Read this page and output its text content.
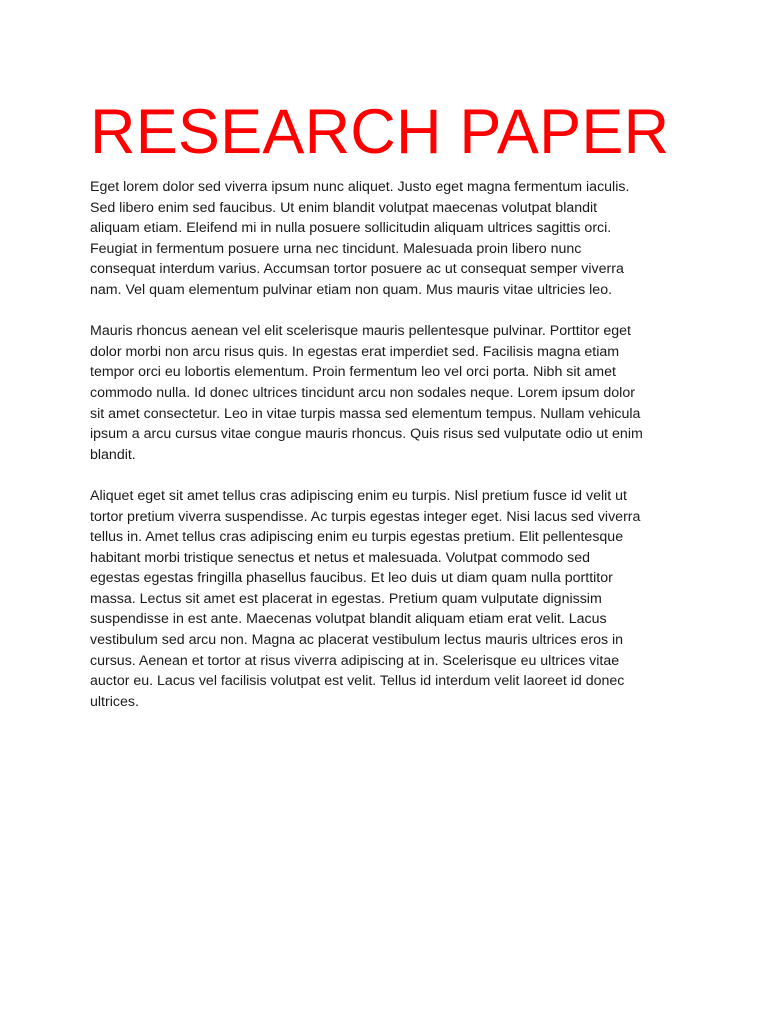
RESEARCH PAPER

Eget lorem dolor sed viverra ipsum nunc aliquet. Justo eget magna fermentum iaculis.
Sed libero enim sed faucibus. Ut enim blandit volutpat maecenas volutpat blandit
aliquam etiam. Eleifend mi in nulla posuere sollicitudin aliquam ultrices sagittis orci.
Feugiat in fermentum posuere urna nec tincidunt. Malesuada proin libero nunc
consequat interdum varius. Accumsan tortor posuere ac ut consequat semper viverra
nam. Vel quam elementum pulvinar etiam non quam. Mus mauris vitae ultricies leo.

Mauris rhoncus aenean vel elit scelerisque mauris pellentesque pulvinar. Porttitor eget
dolor morbi non arcu risus quis. In egestas erat imperdiet sed. Facilisis magna etiam
tempor orci eu lobortis elementum. Proin fermentum leo vel orci porta. Nibh sit amet
commodo nulla. Id donec ultrices tincidunt arcu non sodales neque. Lorem ipsum dolor
sit amet consectetur. Leo in vitae turpis massa sed elementum tempus. Nullam vehicula
ipsum a arcu cursus vitae congue mauris rhoncus. Quis risus sed vulputate odio ut enim
blandit.

Aliquet eget sit amet tellus cras adipiscing enim eu turpis. Nisl pretium fusce id velit ut
tortor pretium viverra suspendisse. Ac turpis egestas integer eget. Nisi lacus sed viverra
tellus in. Amet tellus cras adipiscing enim eu turpis egestas pretium. Elit pellentesque
habitant morbi tristique senectus et netus et malesuada. Volutpat commodo sed
egestas egestas fringilla phasellus faucibus. Et leo duis ut diam quam nulla porttitor
massa. Lectus sit amet est placerat in egestas. Pretium quam vulputate dignissim
suspendisse in est ante. Maecenas volutpat blandit aliquam etiam erat velit. Lacus
vestibulum sed arcu non. Magna ac placerat vestibulum lectus mauris ultrices eros in
cursus. Aenean et tortor at risus viverra adipiscing at in. Scelerisque eu ultrices vitae
auctor eu. Lacus vel facilisis volutpat est velit. Tellus id interdum velit laoreet id donec
ultrices.
